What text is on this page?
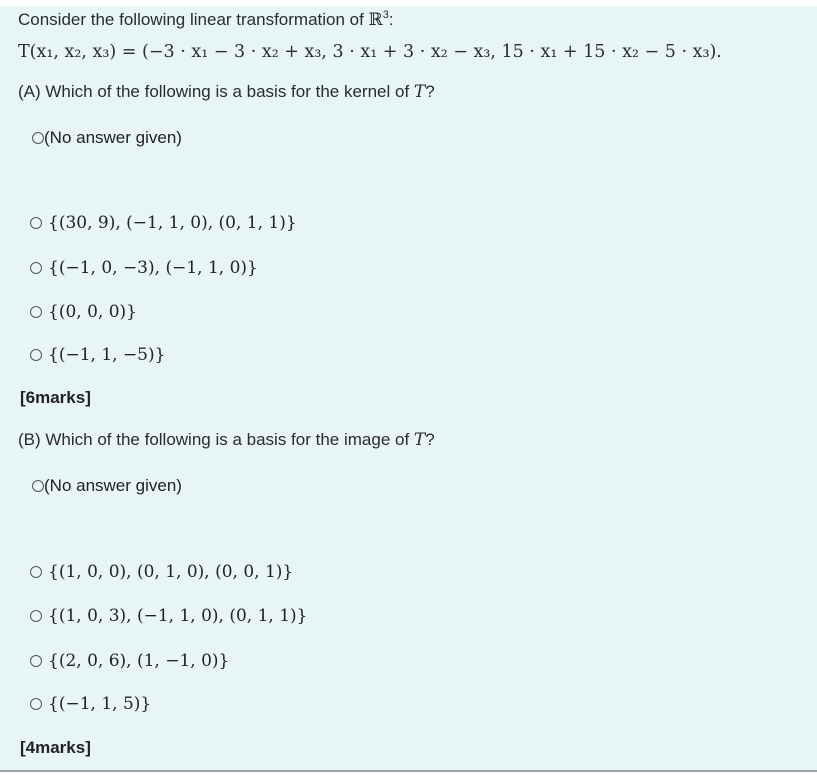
Consider the following linear transformation of ℝ$^3$:
T(x₁, x₂, x₃) = (−3 · x₁ − 3 · x₂ + x₃, 3 · x₁ + 3 · x₂ − x₃, 15 · x₁ + 15 · x₂ − 5 · x₃).
(A) Which of the following is a basis for the kernel of T?
(No answer given)
{(30, 9), (−1, 1, 0), (0, 1, 1)}
{(−1, 0, −3), (−1, 1, 0)}
{(0, 0, 0)}
{(−1, 1, −5)}
[6marks]
(B) Which of the following is a basis for the image of T?
(No answer given)
{(1, 0, 0), (0, 1, 0), (0, 0, 1)}
{(1, 0, 3), (−1, 1, 0), (0, 1, 1)}
{(2, 0, 6), (1, −1, 0)}
{(−1, 1, 5)}
[4marks]
